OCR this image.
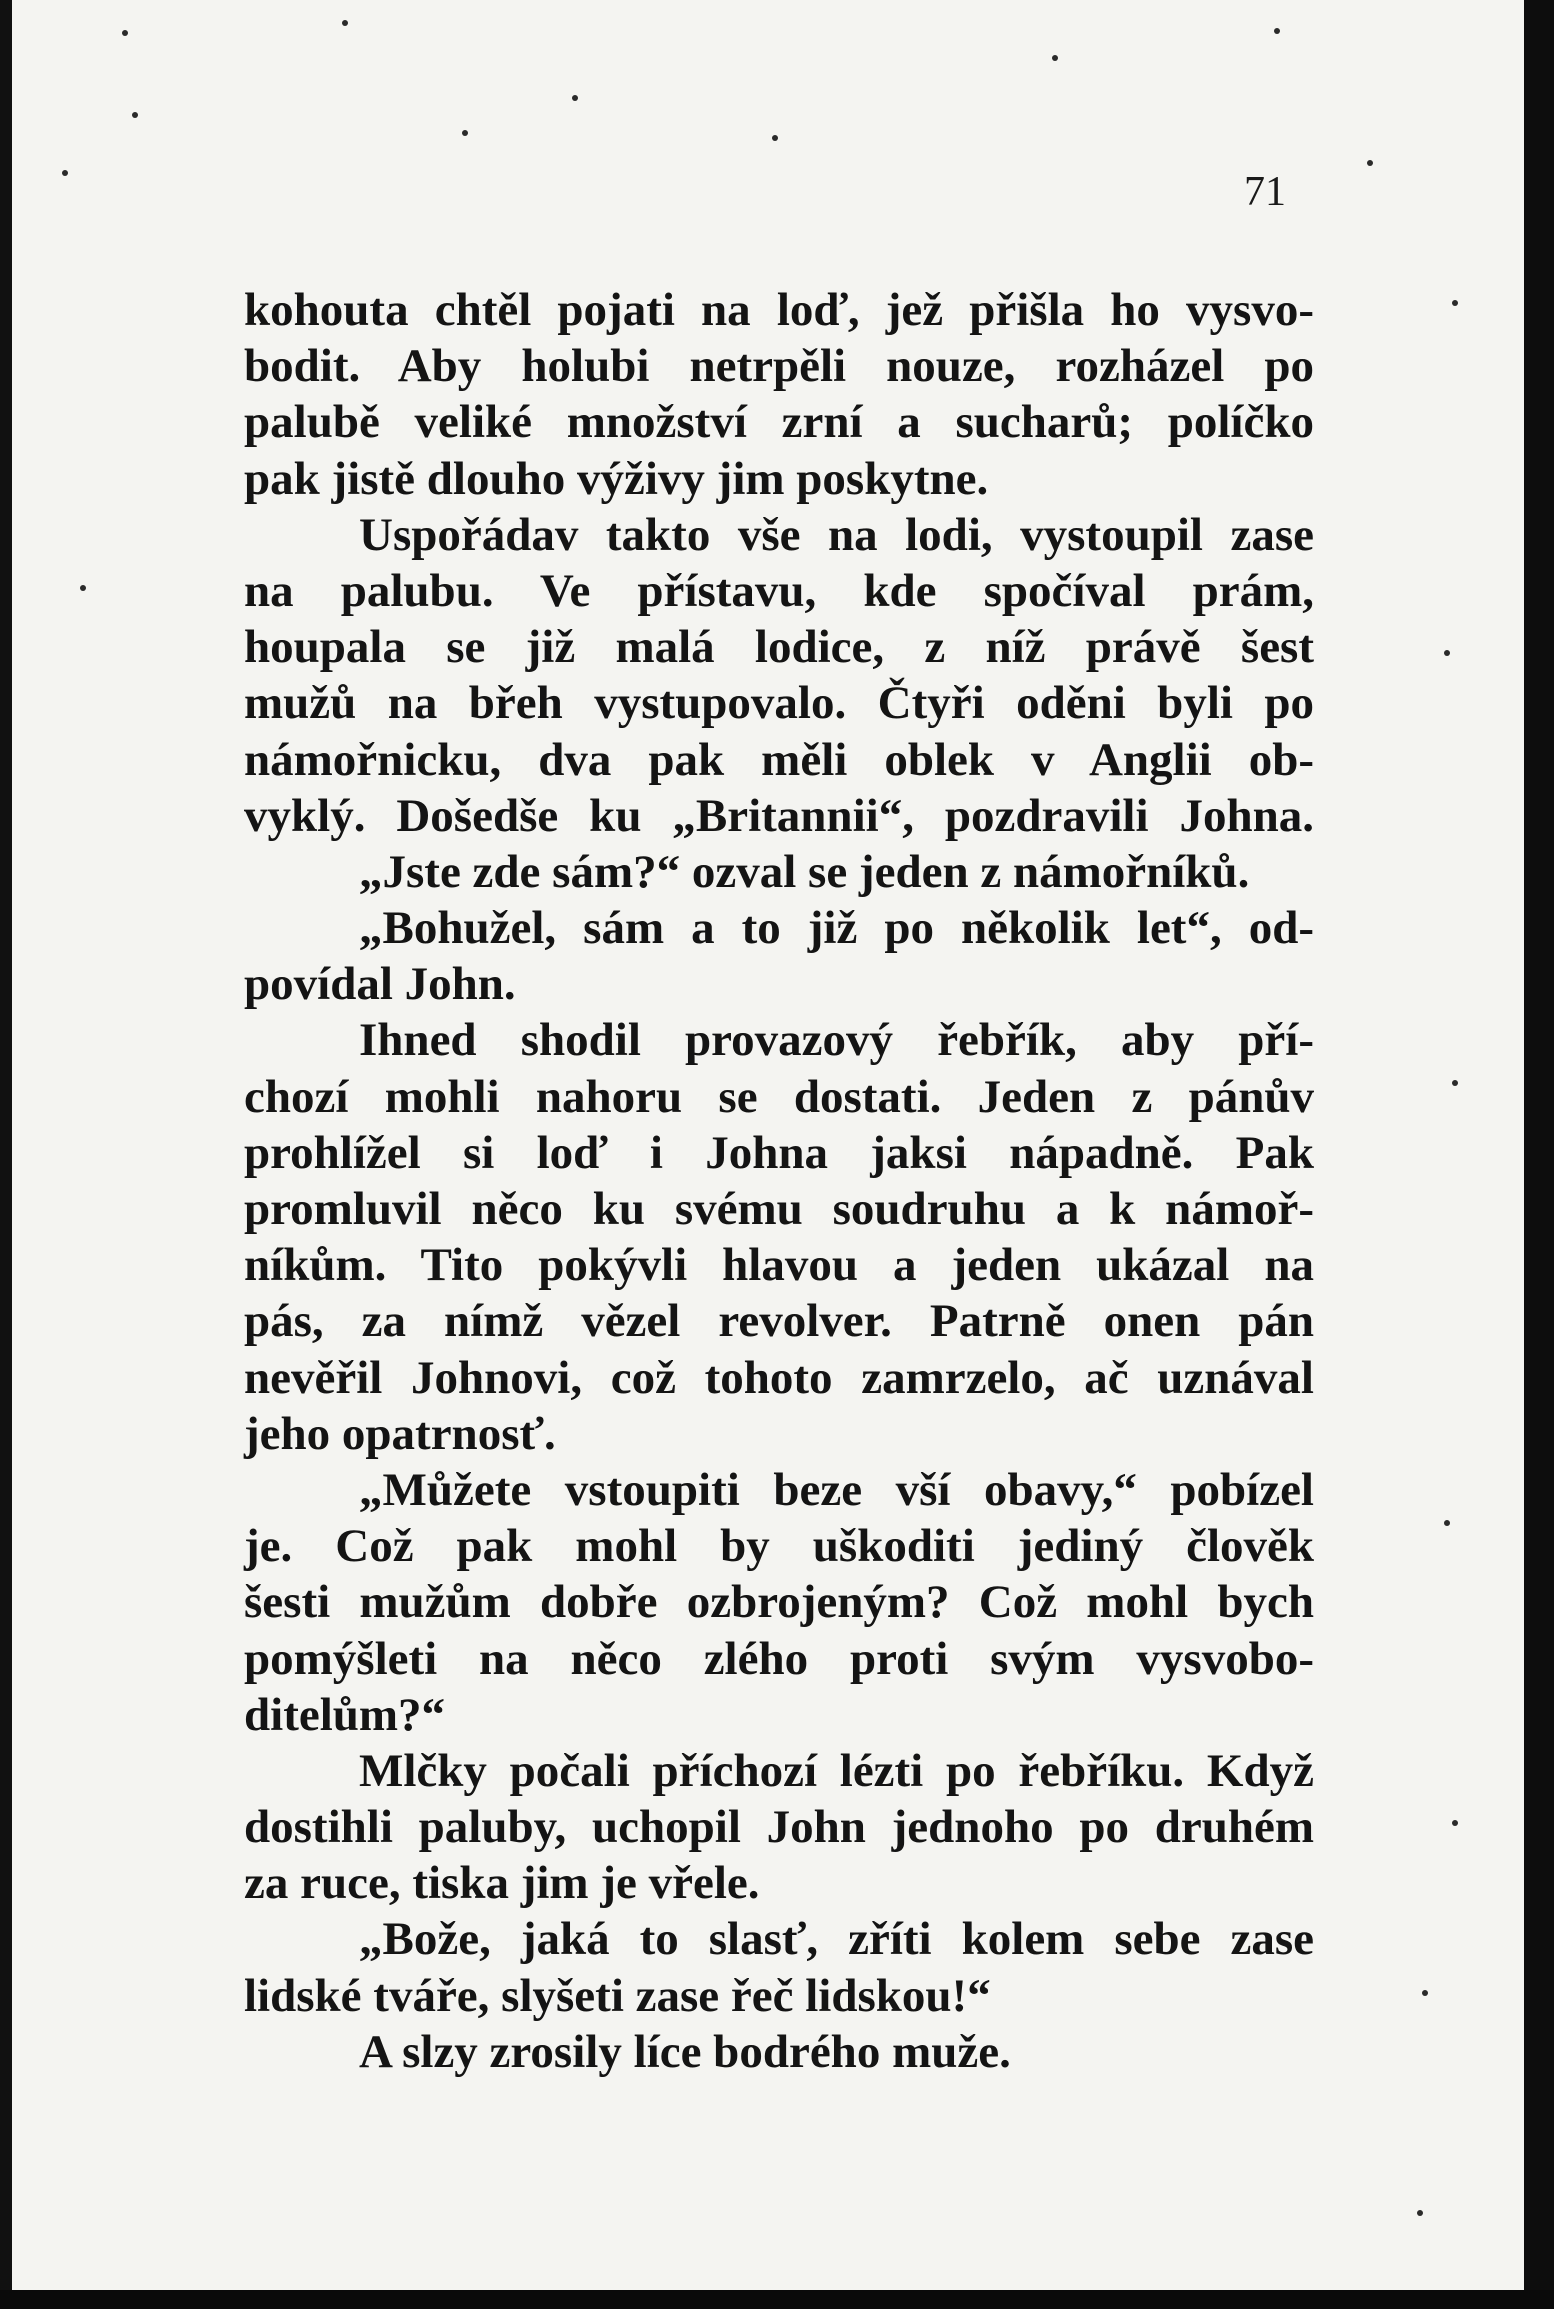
71
kohouta chtěl pojati na loď, jež přišla ho vysvo-
bodit. Aby holubi netrpěli nouze, rozházel po
palubě veliké množství zrní a sucharů; políčko
pak jistě dlouho výživy jim poskytne.
Uspořádav takto vše na lodi, vystoupil zase
na palubu. Ve přístavu, kde spočíval prám,
houpala se již malá lodice, z níž právě šest
mužů na břeh vystupovalo. Čtyři oděni byli po
námořnicku, dva pak měli oblek v Anglii ob-
vyklý. Došedše ku „Britannii“, pozdravili Johna.
„Jste zde sám?“ ozval se jeden z námořníků.
„Bohužel, sám a to již po několik let“, od-
povídal John.
Ihned shodil provazový řebřík, aby pří-
chozí mohli nahoru se dostati. Jeden z pánův
prohlížel si loď i Johna jaksi nápadně. Pak
promluvil něco ku svému soudruhu a k námoř-
níkům. Tito pokývli hlavou a jeden ukázal na
pás, za nímž vězel revolver. Patrně onen pán
nevěřil Johnovi, což tohoto zamrzelo, ač uznával
jeho opatrnosť.
„Můžete vstoupiti beze vší obavy,“ pobízel
je. Což pak mohl by uškoditi jediný člověk
šesti mužům dobře ozbrojeným? Což mohl bych
pomýšleti na něco zlého proti svým vysvobo-
ditelům?“
Mlčky počali příchozí lézti po řebříku. Když
dostihli paluby, uchopil John jednoho po druhém
za ruce, tiska jim je vřele.
„Bože, jaká to slasť, zříti kolem sebe zase
lidské tváře, slyšeti zase řeč lidskou!“
A slzy zrosily líce bodrého muže.
